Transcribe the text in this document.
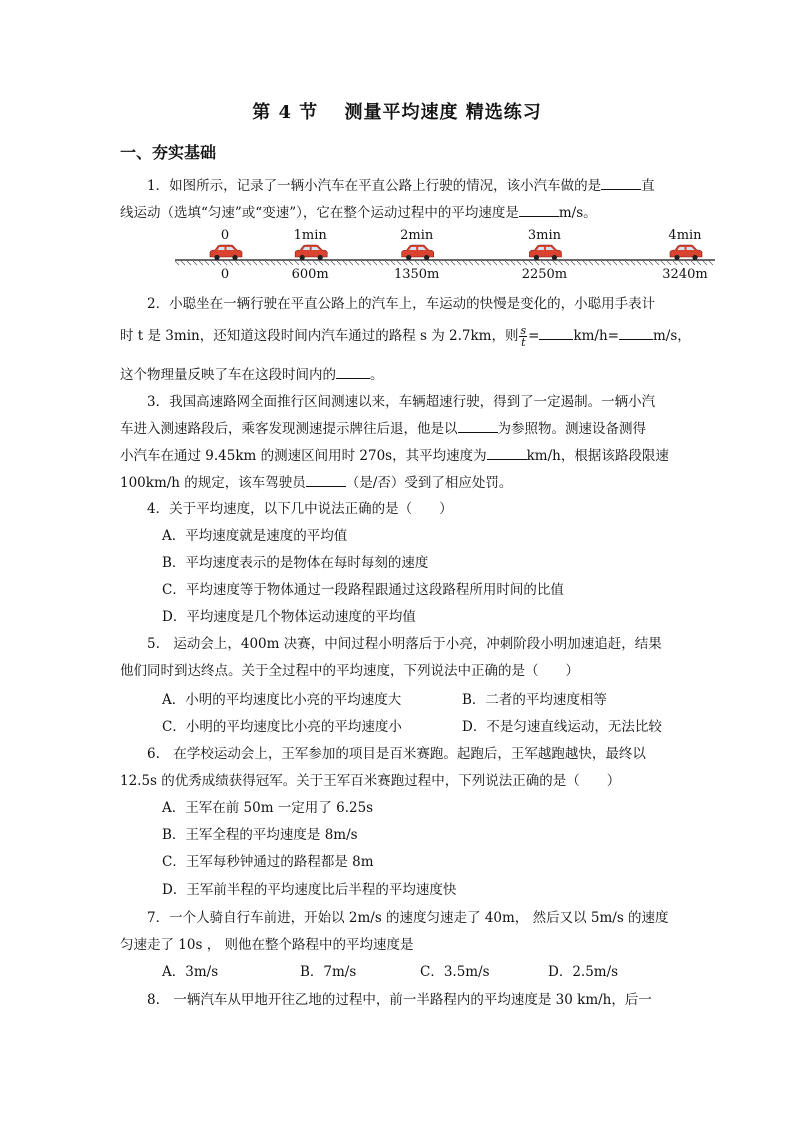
第 4 节　 测量平均速度 精选练习
一、夯实基础
1．如图所示，记录了一辆小汽车在平直公路上行驶的情况，该小汽车做的是	直
线运动（选填“匀速”或“变速”），它在整个运动过程中的平均速度是	m/s。
0
0
1min
600m
2min
1350m
3min
2250m
4min
3240m
2．小聪坐在一辆行驶在平直公路上的汽车上，车运动的快慢是变化的，小聪用手表计
时 t 是 3min，还知道这段时间内汽车通过的路程 s 为 2.7km，则 $\frac{s}{t}$ =	km/h=	m/s，
这个物理量反映了车在这段时间内的	。
3．我国高速路网全面推行区间测速以来，车辆超速行驶，得到了一定遏制。一辆小汽
车进入测速路段后，乘客发现测速提示牌往后退，他是以	为参照物。测速设备测得
小汽车在通过 9.45km 的测速区间用时 270s，其平均速度为	km/h，根据该路段限速
100km/h 的规定，该车驾驶员	（是/否）受到了相应处罚。
4．关于平均速度，以下几中说法正确的是（　　）
A．平均速度就是速度的平均值
B．平均速度表示的是物体在每时每刻的速度
C．平均速度等于物体通过一段路程跟通过这段路程所用时间的比值
D．平均速度是几个物体运动速度的平均值
5.　运动会上，400m 决赛，中间过程小明落后于小亮，冲刺阶段小明加速追赶，结果
他们同时到达终点。关于全过程中的平均速度，下列说法中正确的是（　　）
A．小明的平均速度比小亮的平均速度大	B．二者的平均速度相等
C．小明的平均速度比小亮的平均速度小	D．不是匀速直线运动，无法比较
6.　在学校运动会上，王军参加的项目是百米赛跑。起跑后，王军越跑越快，最终以
12.5s 的优秀成绩获得冠军。关于王军百米赛跑过程中，下列说法正确的是（　　）
A．王军在前 50m 一定用了 6.25s
B．王军全程的平均速度是 8m/s
C．王军每秒钟通过的路程都是 8m
D．王军前半程的平均速度比后半程的平均速度快
7．一个人骑自行车前进，开始以 2m/s 的速度匀速走了 40m， 然后又以 5m/s 的速度
匀速走了 10s ， 则他在整个路程中的平均速度是
A．3m/s	B．7m/s	C．3.5m/s	D．2.5m/s
8.　一辆汽车从甲地开往乙地的过程中，前一半路程内的平均速度是 30 km/h，后一
